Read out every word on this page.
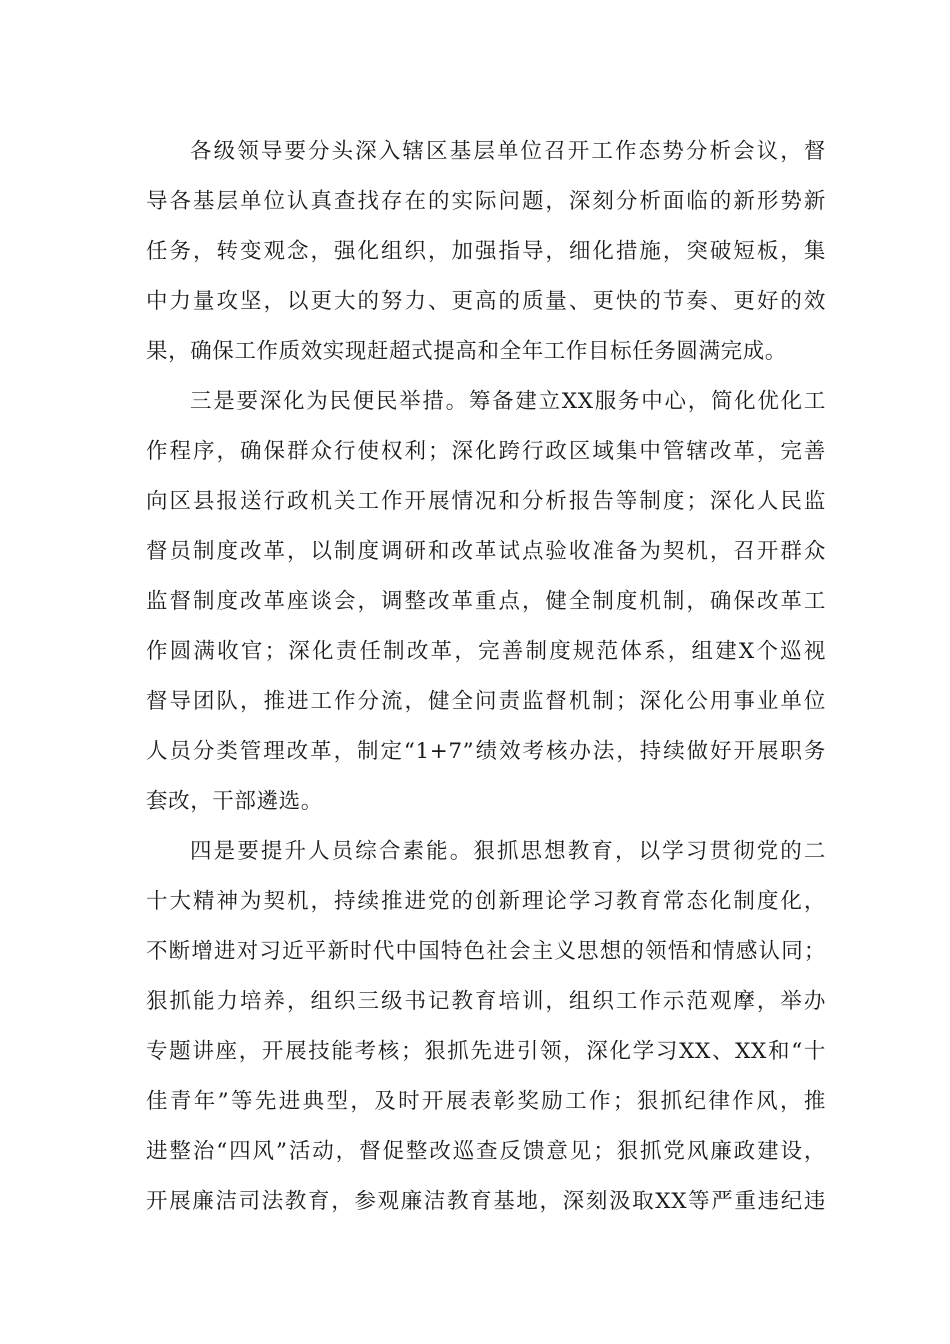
各级领导要分头深入辖区基层单位召开工作态势分析会议，督
导各基层单位认真查找存在的实际问题，深刻分析面临的新形势新
任务，转变观念，强化组织，加强指导，细化措施，突破短板，集
中力量攻坚，以更大的努力、更高的质量、更快的节奏、更好的效
果，确保工作质效实现赶超式提高和全年工作目标任务圆满完成。
三是要深化为民便民举措。筹备建立XX服务中心，简化优化工
作程序，确保群众行使权利；深化跨行政区域集中管辖改革，完善
向区县报送行政机关工作开展情况和分析报告等制度；深化人民监
督员制度改革，以制度调研和改革试点验收准备为契机，召开群众
监督制度改革座谈会，调整改革重点，健全制度机制，确保改革工
作圆满收官；深化责任制改革，完善制度规范体系，组建X个巡视
督导团队，推进工作分流，健全问责监督机制；深化公用事业单位
人员分类管理改革，制定“1+7”绩效考核办法，持续做好开展职务
套改，干部遴选。
四是要提升人员综合素能。狠抓思想教育，以学习贯彻党的二
十大精神为契机，持续推进党的创新理论学习教育常态化制度化，
不断增进对习近平新时代中国特色社会主义思想的领悟和情感认同；
狠抓能力培养，组织三级书记教育培训，组织工作示范观摩，举办
专题讲座，开展技能考核；狠抓先进引领，深化学习XX、XX和“十
佳青年”等先进典型，及时开展表彰奖励工作；狠抓纪律作风，推
进整治“四风”活动，督促整改巡查反馈意见；狠抓党风廉政建设，
开展廉洁司法教育，参观廉洁教育基地，深刻汲取XX等严重违纪违
